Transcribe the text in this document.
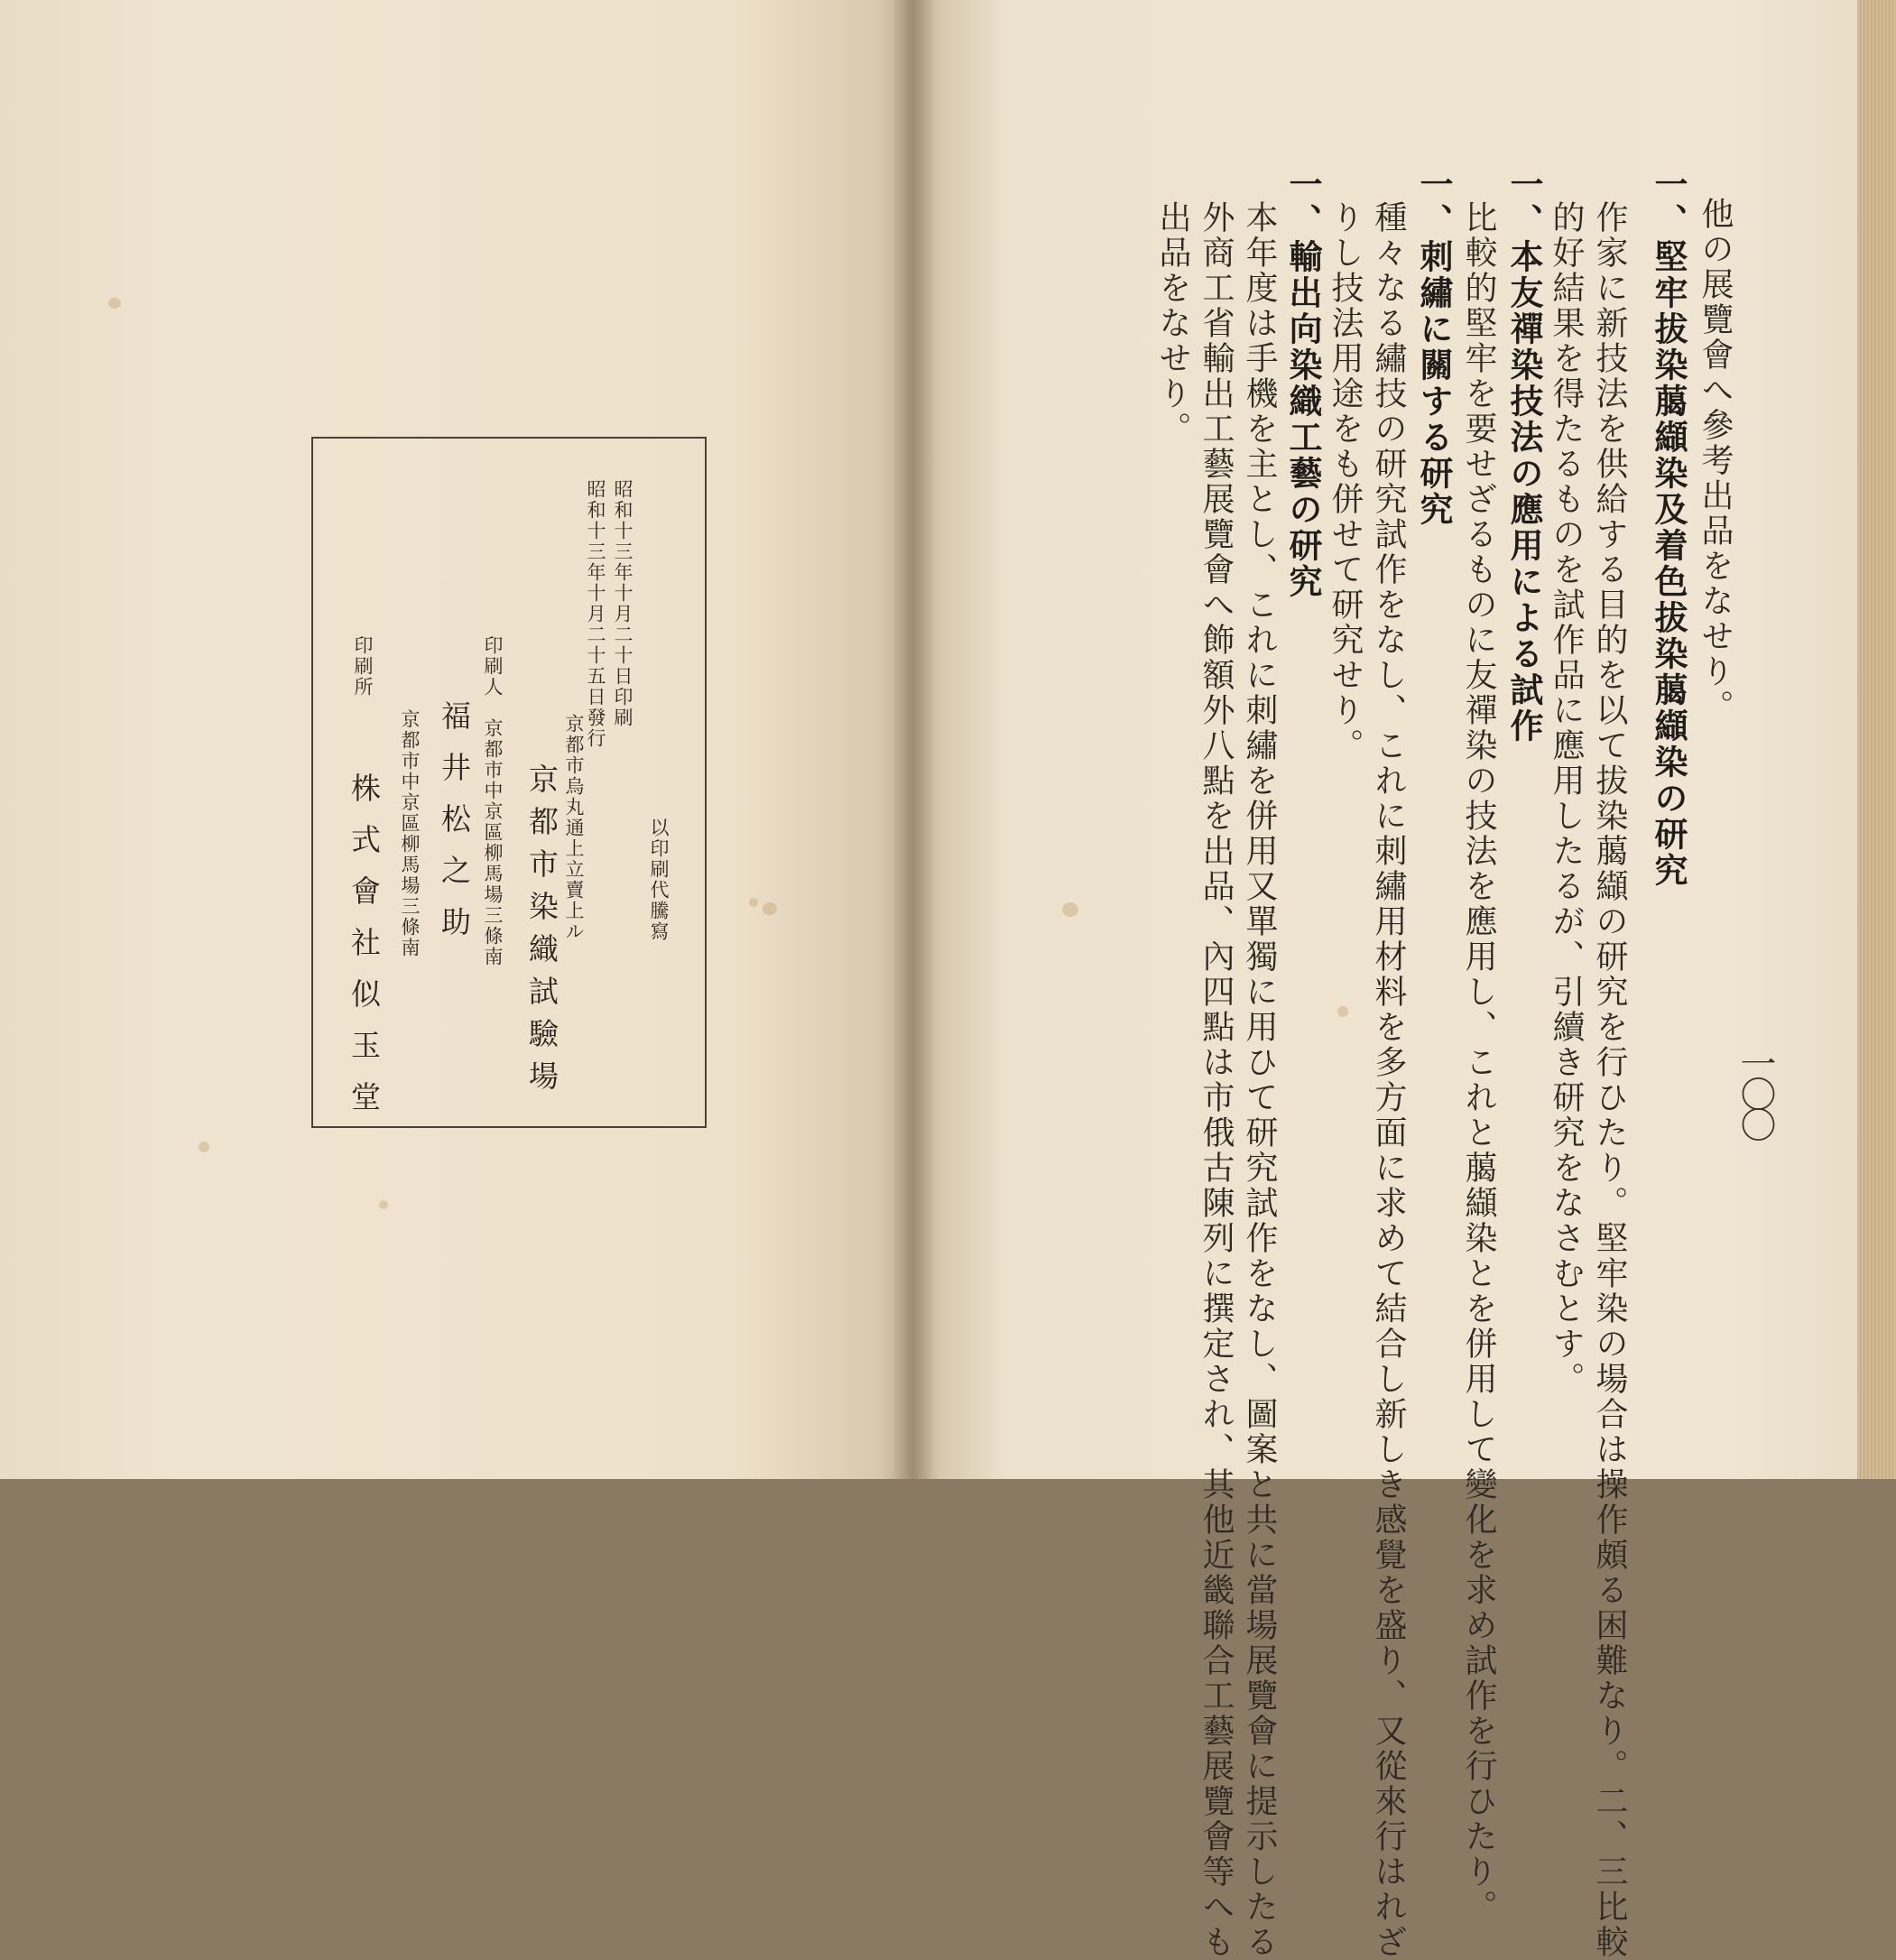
他の展覽會へ參考出品をなせり。
一、堅牢拔染﨟纈染及着色拔染﨟纈染の研究
作家に新技法を供給する目的を以て拔染﨟纈の研究を行ひたり。堅牢染の場合は操作頗る困難なり。二、三比較
的好結果を得たるものを試作品に應用したるが、引續き研究をなさむとす。
一、本友禪染技法の應用による試作
比較的堅牢を要せざるものに友禪染の技法を應用し、これと﨟纈染とを併用して變化を求め試作を行ひたり。
一、刺繡に關する研究
種々なる繡技の研究試作をなし、これに刺繡用材料を多方面に求めて結合し新しき感覺を盛り、又從來行はれざ
りし技法用途をも併せて研究せり。
一、輸出向染織工藝の研究
本年度は手機を主とし、これに刺繡を併用又單獨に用ひて研究試作をなし、圖案と共に當場展覽會に提示したる
外商工省輸出工藝展覽會へ飾額外八點を出品、內四點は市俄古陳列に撰定され、其他近畿聯合工藝展覽會等へも
出品をなせり。
一〇〇
昭和十三年十月二十日印刷
昭和十三年十月二十五日發行
以印刷代騰寫
京都市烏丸通上立賣上ル
京都市染織試驗場
印刷人
京都市中京區柳馬場三條南
福井松之助
印刷所
京都市中京區柳馬場三條南
株式會社似玉堂
